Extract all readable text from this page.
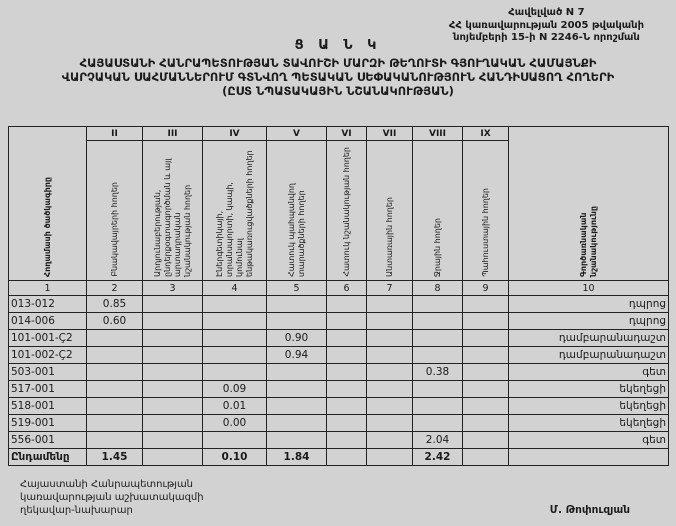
Հավելված N 7
ՀՀ կառավարության 2005 թվականի
նոյեմբերի 15-ի N 2246-Ն որոշման
Ց Ա Ն Կ
ՀԱՅԱՍՏԱՆԻ ՀԱՆՐԱՊԵՏՈՒԹՅԱՆ ՏԱՎՈՒՇԻ ՄԱՐԶԻ ԹԵՂՈՒՏԻ ԳՅՈՒՂԱԿԱՆ ՀԱՄԱՅՆՔԻ
ՎԱՐՉԱԿԱՆ ՍԱՀՄԱՆՆԵՐՈՒՄ ԳՏՆՎՈՂ ՊԵՏԱԿԱՆ ՍԵՓԱԿԱՆՈՒԹՅՈՒՆ ՀԱՆԴԻՍԱՑՈՂ ՀՈՂԵՐԻ
(ԸՍՏ ՆՊԱՏԱԿԱՅԻՆ ՆՇԱՆԱԿՈՒԹՅԱՆ)
Հողամասի ծածկագիրը	II	III	IV	V	VI	VII	VIII	IX	Գործառնական նշանակությունը
	Բնակավայրերի հողեր	Արդյունաբերության, ընդերքօգտագործման և այլ արտադրական նշանակության հողեր	Էներգետիկայի, տրանսպորտի, կապի, կոմունալ ենթակառուցվածքների հողեր	Հատուկ պահպանվող տարածքների հողեր	Հատուկ նշանակության հողեր	Անտառային հողեր	Ջրային հողեր	Պահուստային հողեր	
1	2	3	4	5	6	7	8	9	10
013-012	0.85								դպրոց
014-006	0.60								դպրոց
101-001-Ç2				0.90					դամբարանադաշտ
101-002-Ç2				0.94					դամբարանադաշտ
503-001							0.38		գետ
517-001			0.09						եկեղեցի
518-001			0.01						եկեղեցի
519-001			0.00						եկեղեցի
556-001							2.04		գետ
Ընդամենը	1.45		0.10	1.84			2.42		
Հայաստանի Հանրապետության
կառավարության աշխատակազմի
ղեկավար-նախարար	Մ. Թոփուզյան
